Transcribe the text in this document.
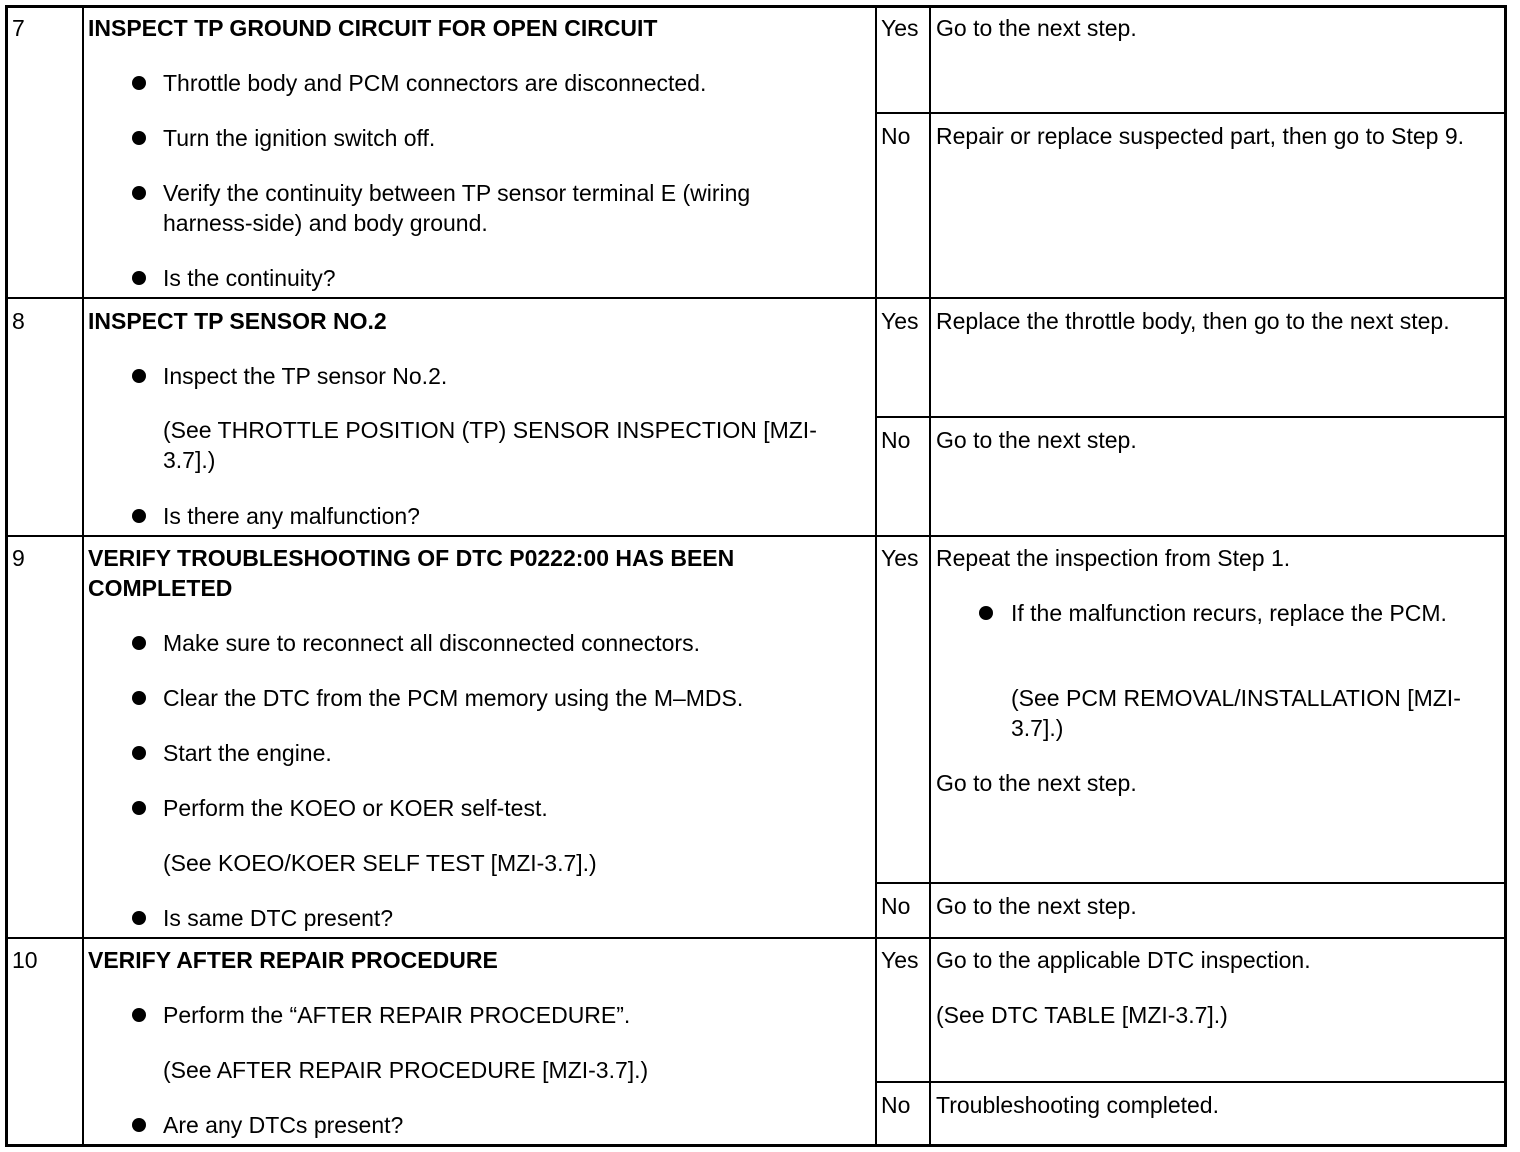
7	INSPECT TP GROUND CIRCUIT FOR OPEN CIRCUIT
Throttle body and PCM connectors are disconnected.
Turn the ignition switch off.
Verify the continuity between TP sensor terminal E (wiring harness-side) and body ground.
Is the continuity?
Yes Go to the next step.
No Repair or replace suspected part, then go to Step 9.
8	INSPECT TP SENSOR NO.2
Inspect the TP sensor No.2.
(See THROTTLE POSITION (TP) SENSOR INSPECTION [MZI-3.7].)
Is there any malfunction?
Yes Replace the throttle body, then go to the next step.
No Go to the next step.
9	VERIFY TROUBLESHOOTING OF DTC P0222:00 HAS BEEN COMPLETED
Make sure to reconnect all disconnected connectors.
Clear the DTC from the PCM memory using the M–MDS.
Start the engine.
Perform the KOEO or KOER self-test.
(See KOEO/KOER SELF TEST [MZI-3.7].)
Is same DTC present?
Yes Repeat the inspection from Step 1.
If the malfunction recurs, replace the PCM.
(See PCM REMOVAL/INSTALLATION [MZI-3.7].)
Go to the next step.
No Go to the next step.
10 VERIFY AFTER REPAIR PROCEDURE
Perform the “AFTER REPAIR PROCEDURE”.
(See AFTER REPAIR PROCEDURE [MZI-3.7].)
Are any DTCs present?
Yes Go to the applicable DTC inspection.
(See DTC TABLE [MZI-3.7].)
No Troubleshooting completed.
